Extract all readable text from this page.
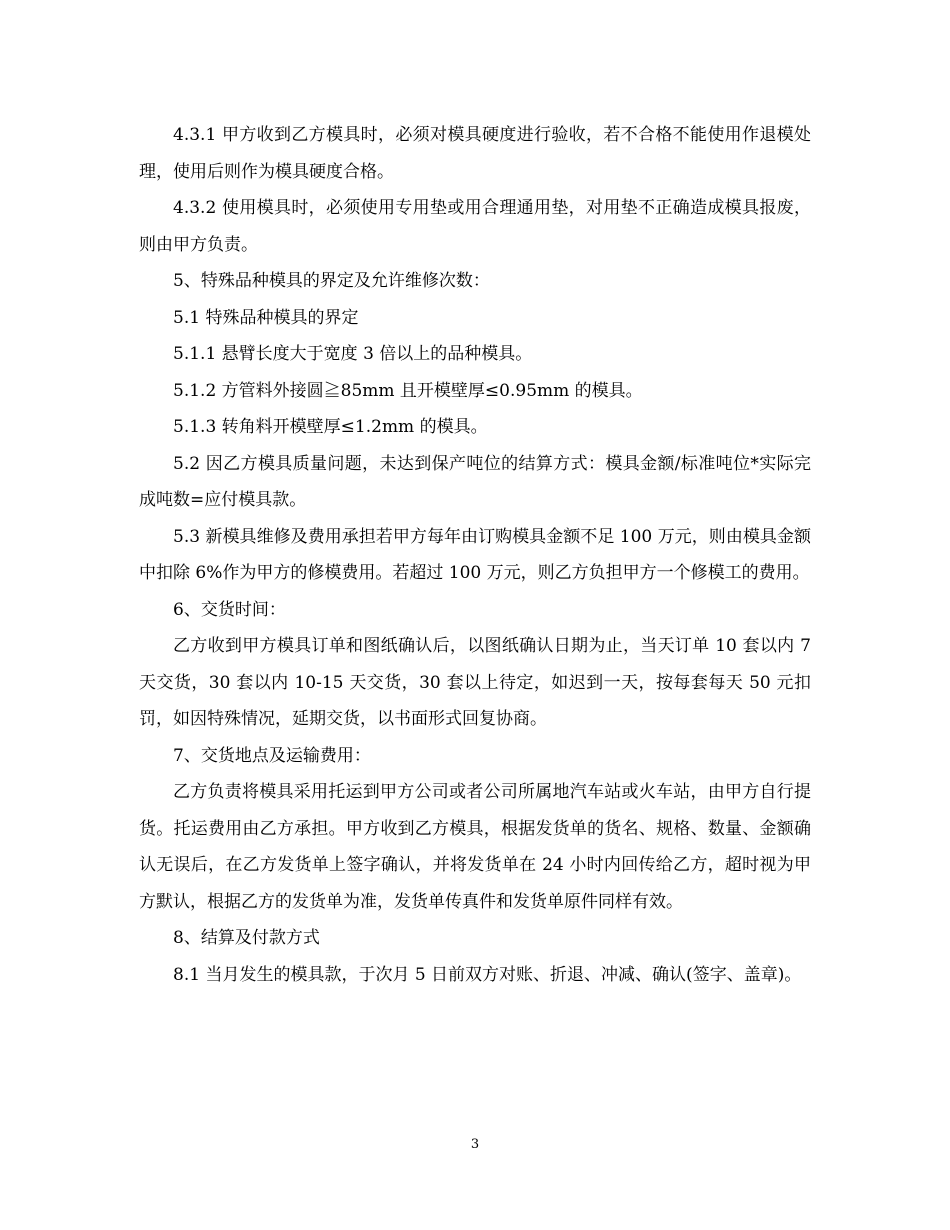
4.3.1 甲方收到乙方模具时，必须对模具硬度进行验收，若不合格不能使用作退模处理，使用后则作为模具硬度合格。

4.3.2 使用模具时，必须使用专用垫或用合理通用垫，对用垫不正确造成模具报废，则由甲方负责。

5、特殊品种模具的界定及允许维修次数：

5.1 特殊品种模具的界定

5.1.1 悬臂长度大于宽度 3 倍以上的品种模具。

5.1.2 方管料外接圆≧85mm 且开模壁厚≤0.95mm 的模具。

5.1.3 转角料开模壁厚≤1.2mm 的模具。

5.2 因乙方模具质量问题，未达到保产吨位的结算方式：模具金额/标准吨位*实际完成吨数=应付模具款。

5.3 新模具维修及费用承担若甲方每年由订购模具金额不足 100 万元，则由模具金额中扣除 6%作为甲方的修模费用。若超过 100 万元，则乙方负担甲方一个修模工的费用。

6、交货时间：

乙方收到甲方模具订单和图纸确认后，以图纸确认日期为止，当天订单 10 套以内 7 天交货，30 套以内 10-15 天交货，30 套以上待定，如迟到一天，按每套每天 50 元扣罚，如因特殊情况，延期交货，以书面形式回复协商。

7、交货地点及运输费用：

乙方负责将模具采用托运到甲方公司或者公司所属地汽车站或火车站，由甲方自行提货。托运费用由乙方承担。甲方收到乙方模具，根据发货单的货名、规格、数量、金额确认无误后，在乙方发货单上签字确认，并将发货单在 24 小时内回传给乙方，超时视为甲方默认，根据乙方的发货单为准，发货单传真件和发货单原件同样有效。

8、结算及付款方式

8.1 当月发生的模具款，于次月 5 日前双方对账、折退、冲减、确认(签字、盖章)。

3
